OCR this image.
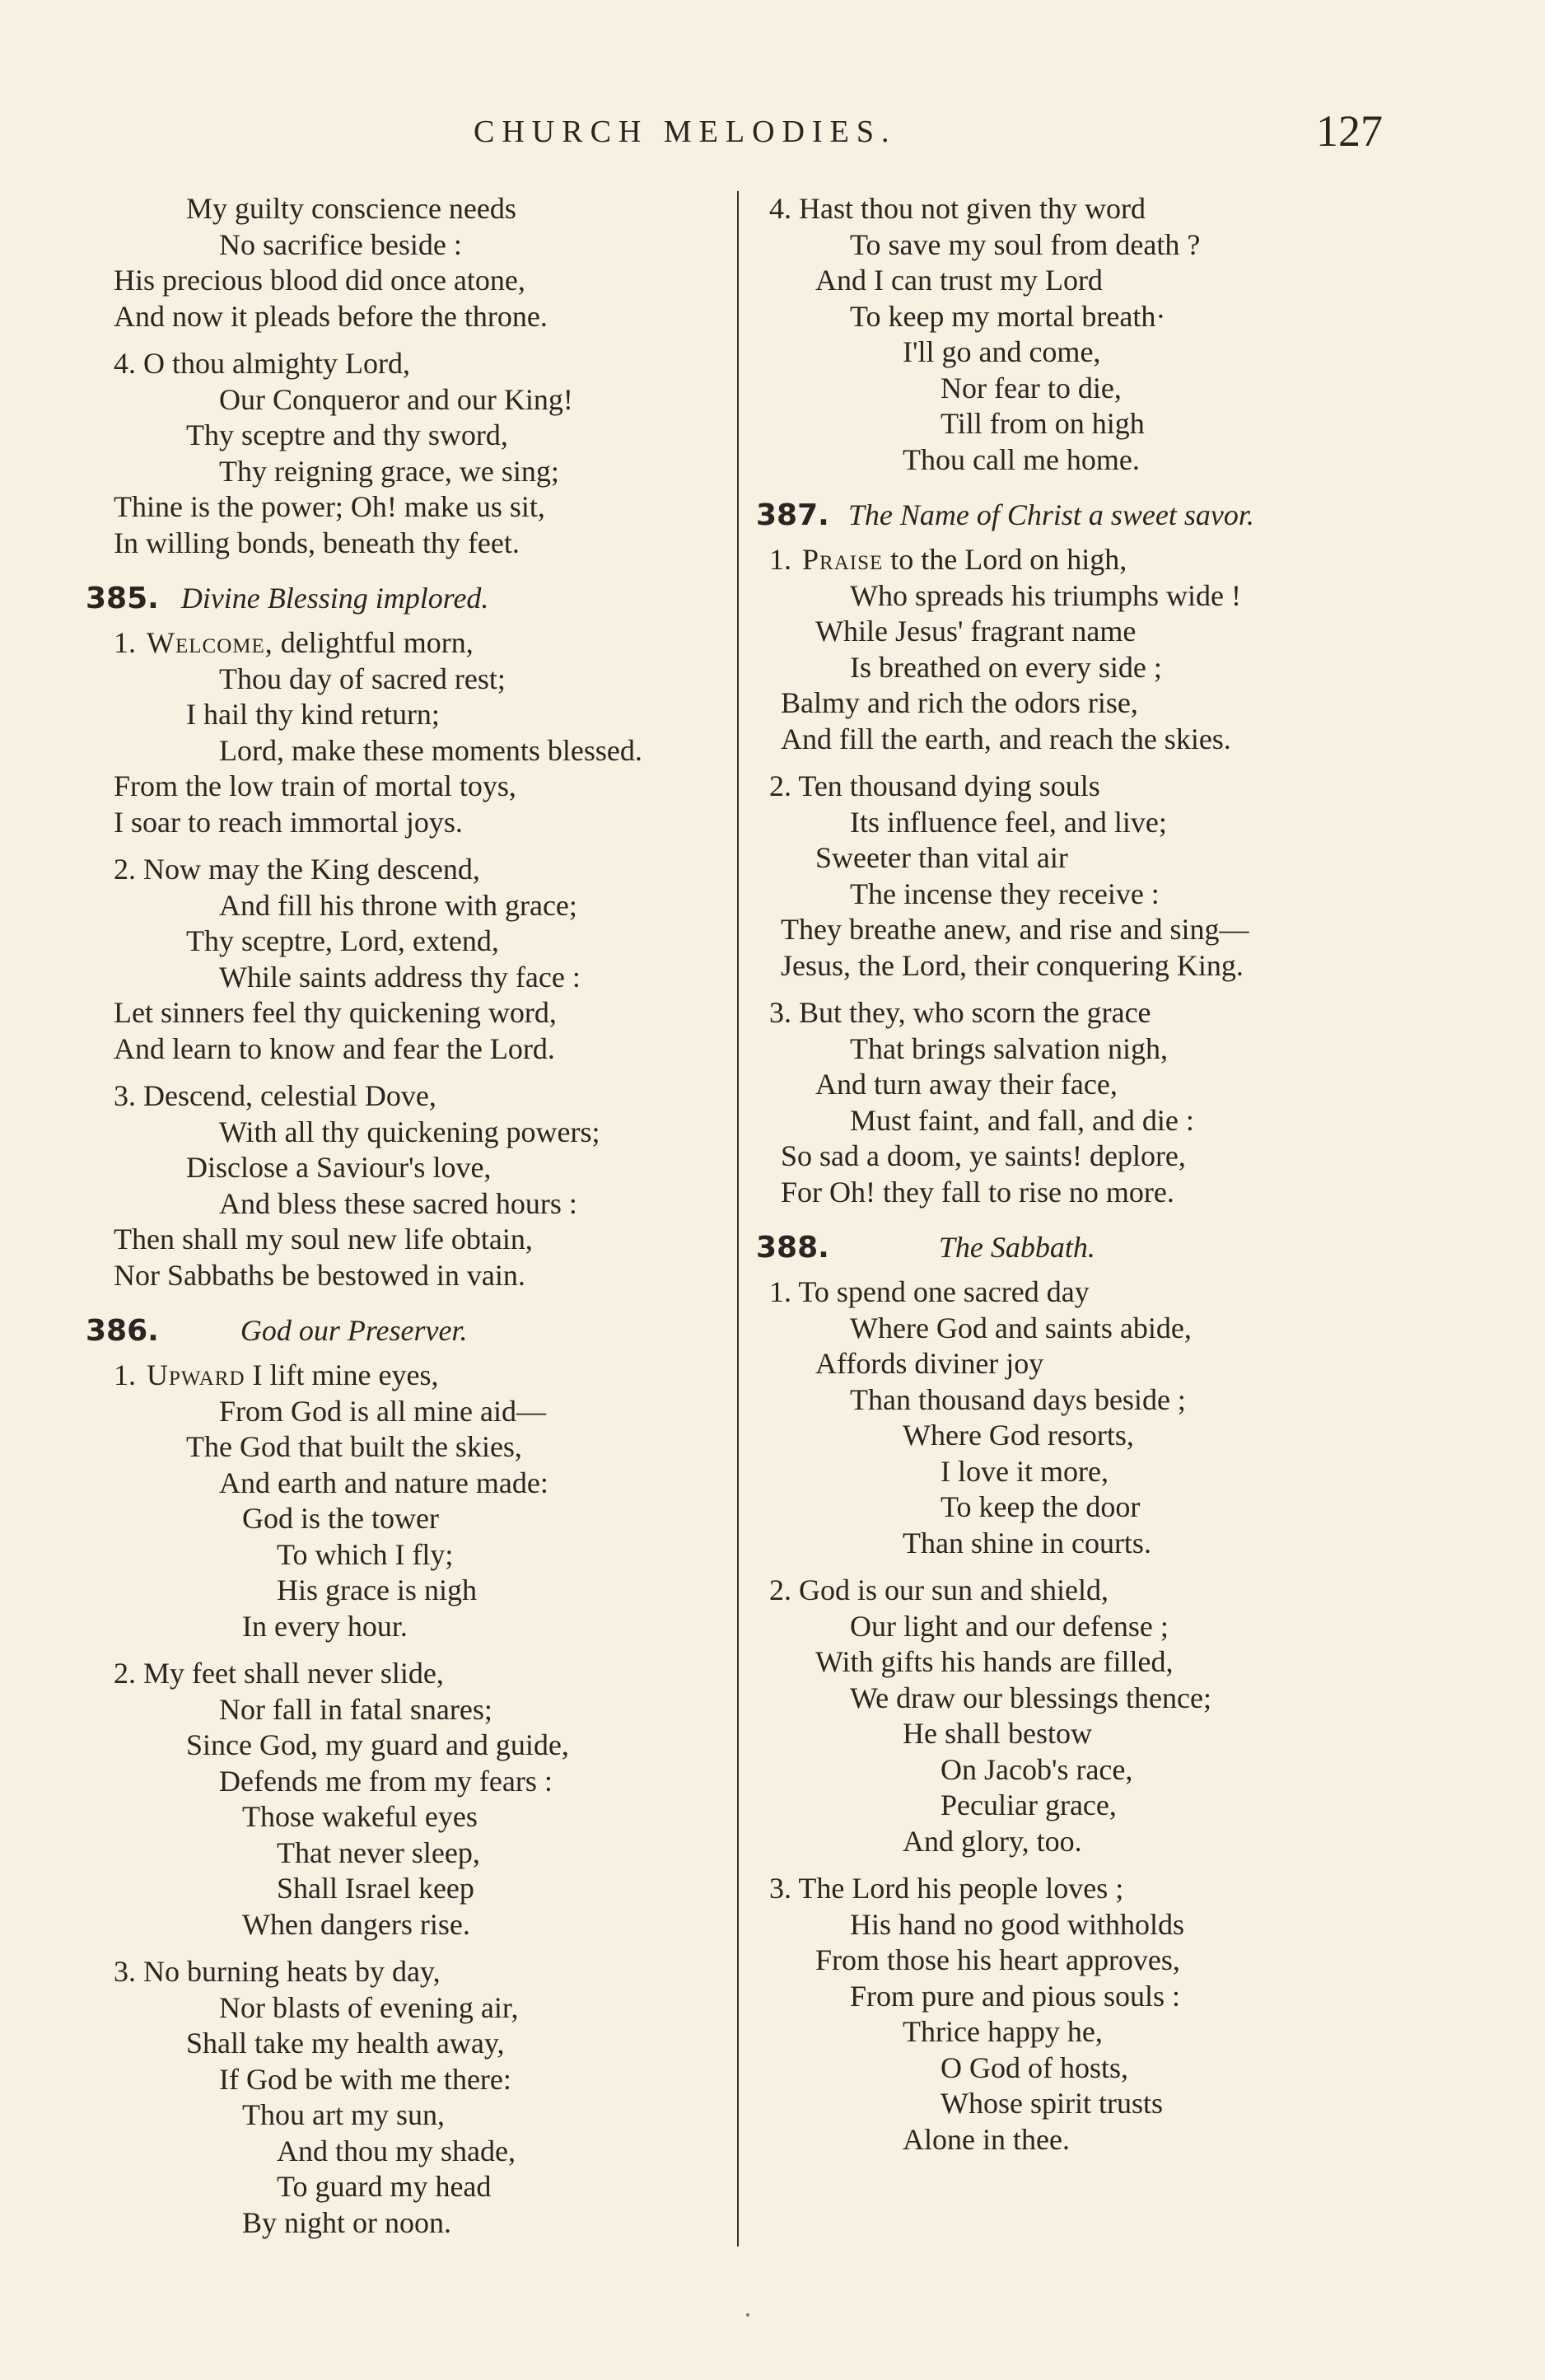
CHURCH MELODIES.	127
My guilty conscience needs
No sacrifice beside :
His precious blood did once atone,
And now it pleads before the throne.
4. O thou almighty Lord,
Our Conqueror and our King!
Thy sceptre and thy sword,
Thy reigning grace, we sing;
Thine is the power; Oh! make us sit,
In willing bonds, beneath thy feet.
385. Divine Blessing implored.
1. Welcome, delightful morn,
Thou day of sacred rest;
I hail thy kind return;
Lord, make these moments blessed.
From the low train of mortal toys,
I soar to reach immortal joys.
2. Now may the King descend,
And fill his throne with grace;
Thy sceptre, Lord, extend,
While saints address thy face :
Let sinners feel thy quickening word,
And learn to know and fear the Lord.
3. Descend, celestial Dove,
With all thy quickening powers;
Disclose a Saviour's love,
And bless these sacred hours :
Then shall my soul new life obtain,
Nor Sabbaths be bestowed in vain.
386.	God our Preserver.
1. Upward I lift mine eyes,
From God is all mine aid—
The God that built the skies,
And earth and nature made:
God is the tower
To which I fly;
His grace is nigh
In every hour.
2. My feet shall never slide,
Nor fall in fatal snares;
Since God, my guard and guide,
Defends me from my fears :
Those wakeful eyes
That never sleep,
Shall Israel keep
When dangers rise.
3. No burning heats by day,
Nor blasts of evening air,
Shall take my health away,
If God be with me there:
Thou art my sun,
And thou my shade,
To guard my head
By night or noon.
4. Hast thou not given thy word
To save my soul from death ?
And I can trust my Lord
To keep my mortal breath·
I'll go and come,
Nor fear to die,
Till from on high
Thou call me home.
387. The Name of Christ a sweet savor.
1. Praise to the Lord on high,
Who spreads his triumphs wide !
While Jesus' fragrant name
Is breathed on every side ;
Balmy and rich the odors rise,
And fill the earth, and reach the skies.
2. Ten thousand dying souls
Its influence feel, and live;
Sweeter than vital air
The incense they receive :
They breathe anew, and rise and sing—
Jesus, the Lord, their conquering King.
3. But they, who scorn the grace
That brings salvation nigh,
And turn away their face,
Must faint, and fall, and die :
So sad a doom, ye saints! deplore,
For Oh! they fall to rise no more.
388.	The Sabbath.
1. To spend one sacred day
Where God and saints abide,
Affords diviner joy
Than thousand days beside ;
Where God resorts,
I love it more,
To keep the door
Than shine in courts.
2. God is our sun and shield,
Our light and our defense ;
With gifts his hands are filled,
We draw our blessings thence;
He shall bestow
On Jacob's race,
Peculiar grace,
And glory, too.
3. The Lord his people loves ;
His hand no good withholds
From those his heart approves,
From pure and pious souls :
Thrice happy he,
O God of hosts,
Whose spirit trusts
Alone in thee.
